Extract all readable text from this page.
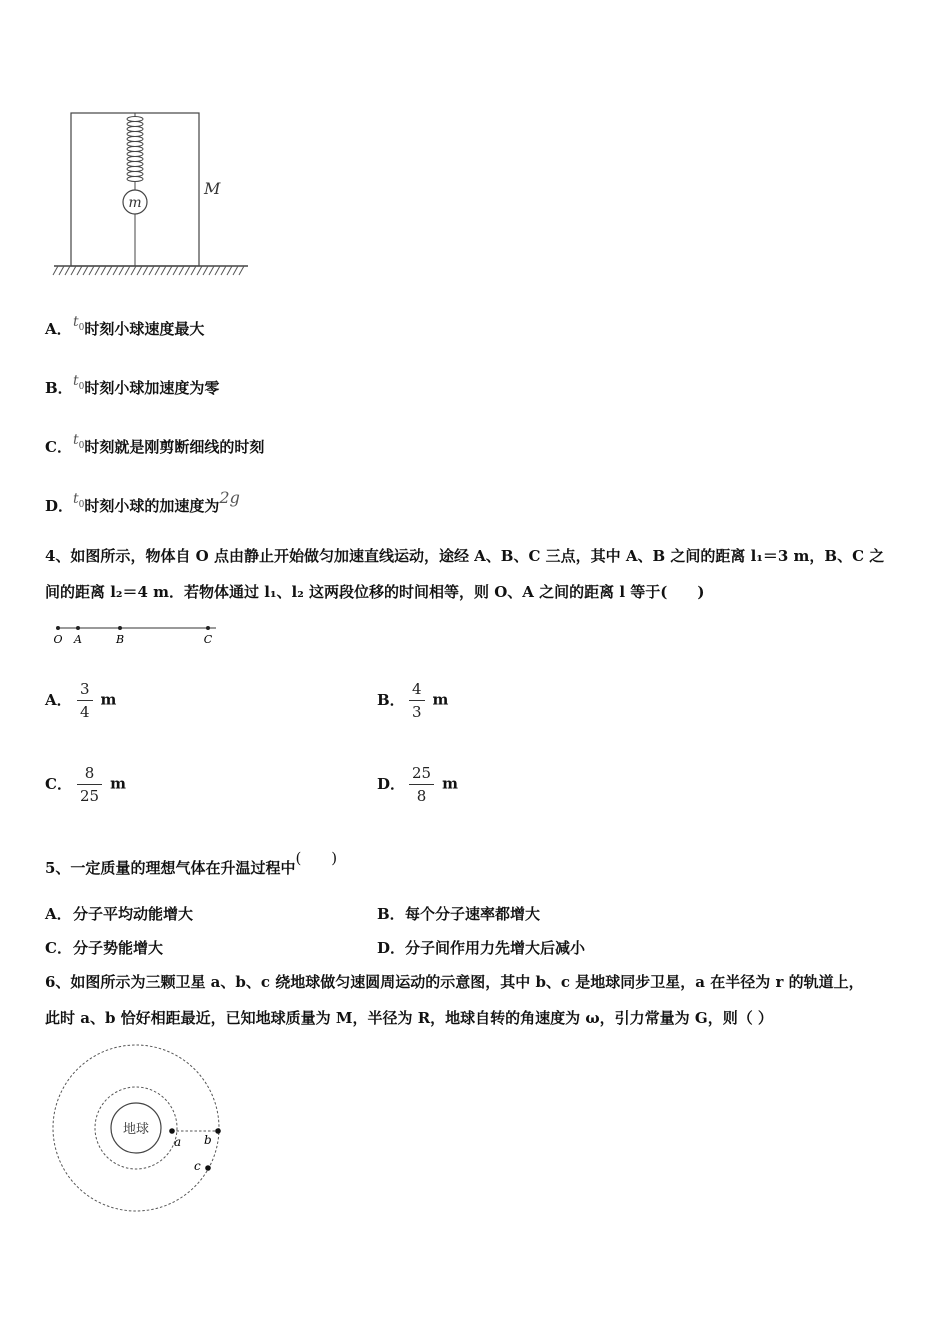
m
M
A．$t_0$时刻小球速度最大
B．$t_0$时刻小球加速度为零
C．$t_0$时刻就是刚剪断细线的时刻
D．$t_0$时刻小球的加速度为2g
4、如图所示，物体自 O 点由静止开始做匀加速直线运动，途经 A、B、C 三点，其中 A、B 之间的距离 l₁＝3 m，B、C 之
间的距离 l₂＝4 m．若物体通过 l₁、l₂ 这两段位移的时间相等，则 O、A 之间的距离 l 等于(　　)
O A	B	C
A． $\frac{3}{4}$ m	B． $\frac{4}{3}$ m
C． $\frac{8}{25}$ m	D． $\frac{25}{8}$ m
5、一定质量的理想气体在升温过程中(　　)
A．分子平均动能增大	B．每个分子速率都增大
C．分子势能增大	D．分子间作用力先增大后减小
6、如图所示为三颗卫星 a、b、c 绕地球做匀速圆周运动的示意图，其中 b、c 是地球同步卫星，a 在半径为 r 的轨道上，
此时 a、b 恰好相距最近，已知地球质量为 M，半径为 R，地球自转的角速度为 ω，引力常量为 G，则（ ）
地球
a b
c
